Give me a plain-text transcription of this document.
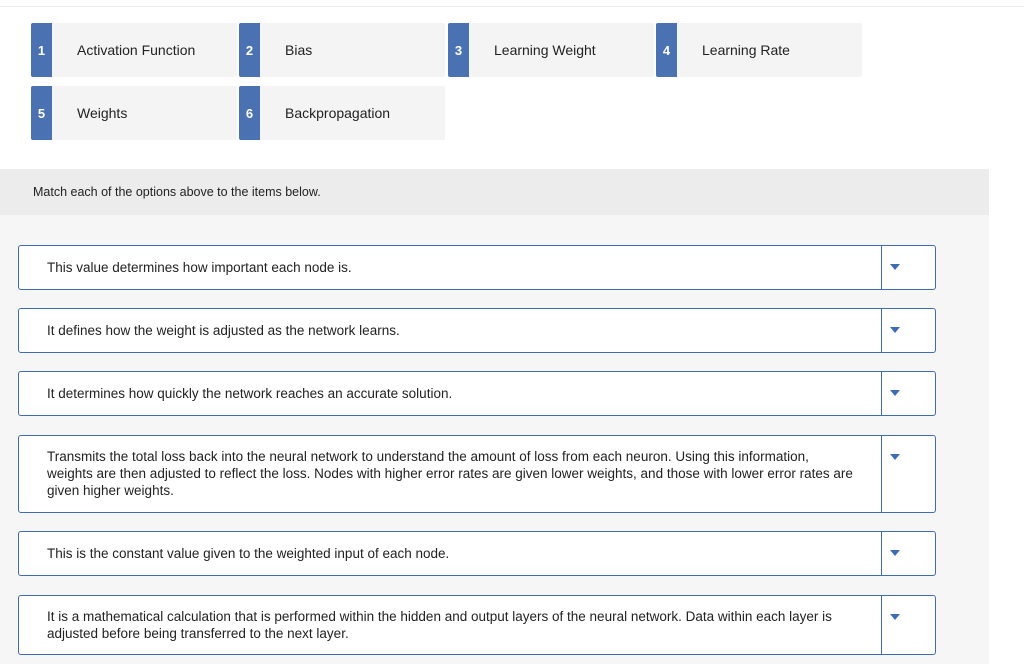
1	Activation Function	2	Bias	3	Learning Weight	4	Learning Rate
5	Weights	6	Backpropagation
Match each of the options above to the items below.
This value determines how important each node is.
It defines how the weight is adjusted as the network learns.
It determines how quickly the network reaches an accurate solution.
Transmits the total loss back into the neural network to understand the amount of loss from each neuron. Using this information, weights are then adjusted to reflect the loss. Nodes with higher error rates are given lower weights, and those with lower error rates are given higher weights.
This is the constant value given to the weighted input of each node.
It is a mathematical calculation that is performed within the hidden and output layers of the neural network. Data within each layer is adjusted before being transferred to the next layer.
